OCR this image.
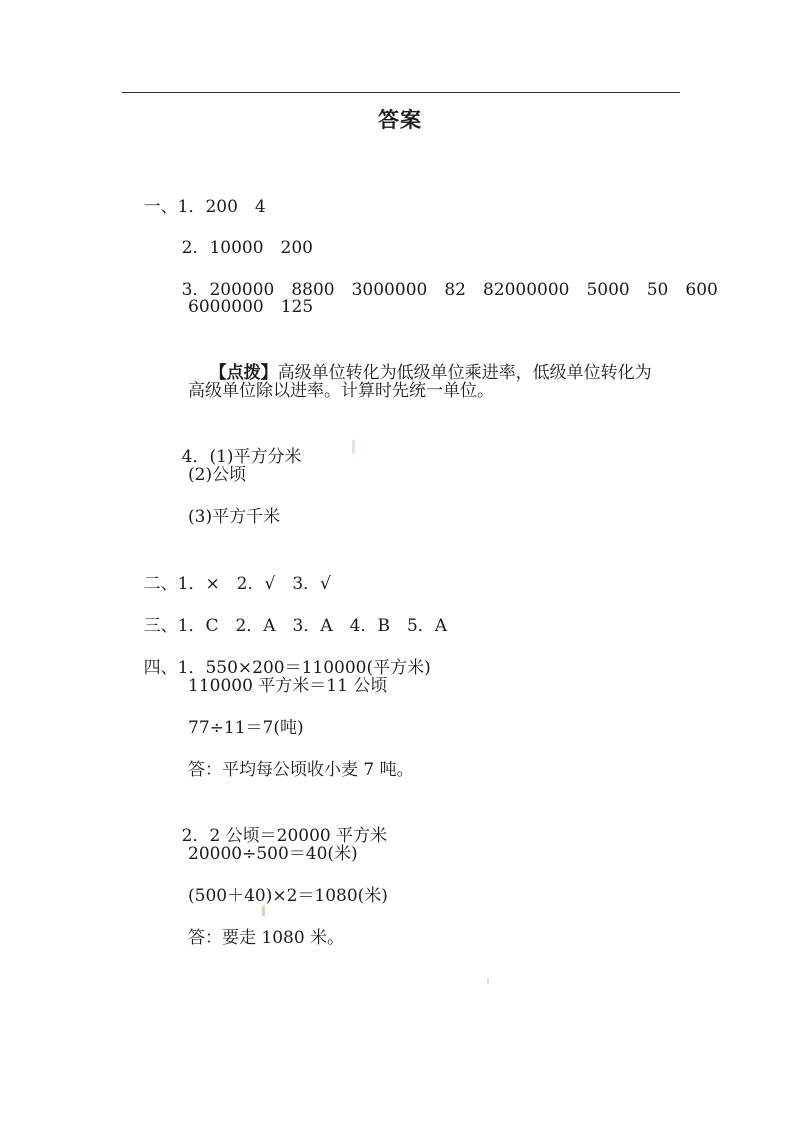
答案

一、1．200　4

2．10000　200

3．200000　8800　3000000　82　82000000　5000　50　600

6000000　125

【点拨】高级单位转化为低级单位乘进率，低级单位转化为

高级单位除以进率。计算时先统一单位。

4．(1)平方分米

(2)公顷
(3)平方千米

二、1．×　2．√　3．√

三、1．C　2．A　3．A　4．B　5．A

四、1．550×200＝110000(平方米)

110000 平方米＝11 公顷
77÷11＝7(吨)
答：平均每公顷收小麦 7 吨。

2．2 公顷＝20000 平方米

20000÷500＝40(米)
(500＋40)×2＝1080(米)
答：要走 1080 米。
